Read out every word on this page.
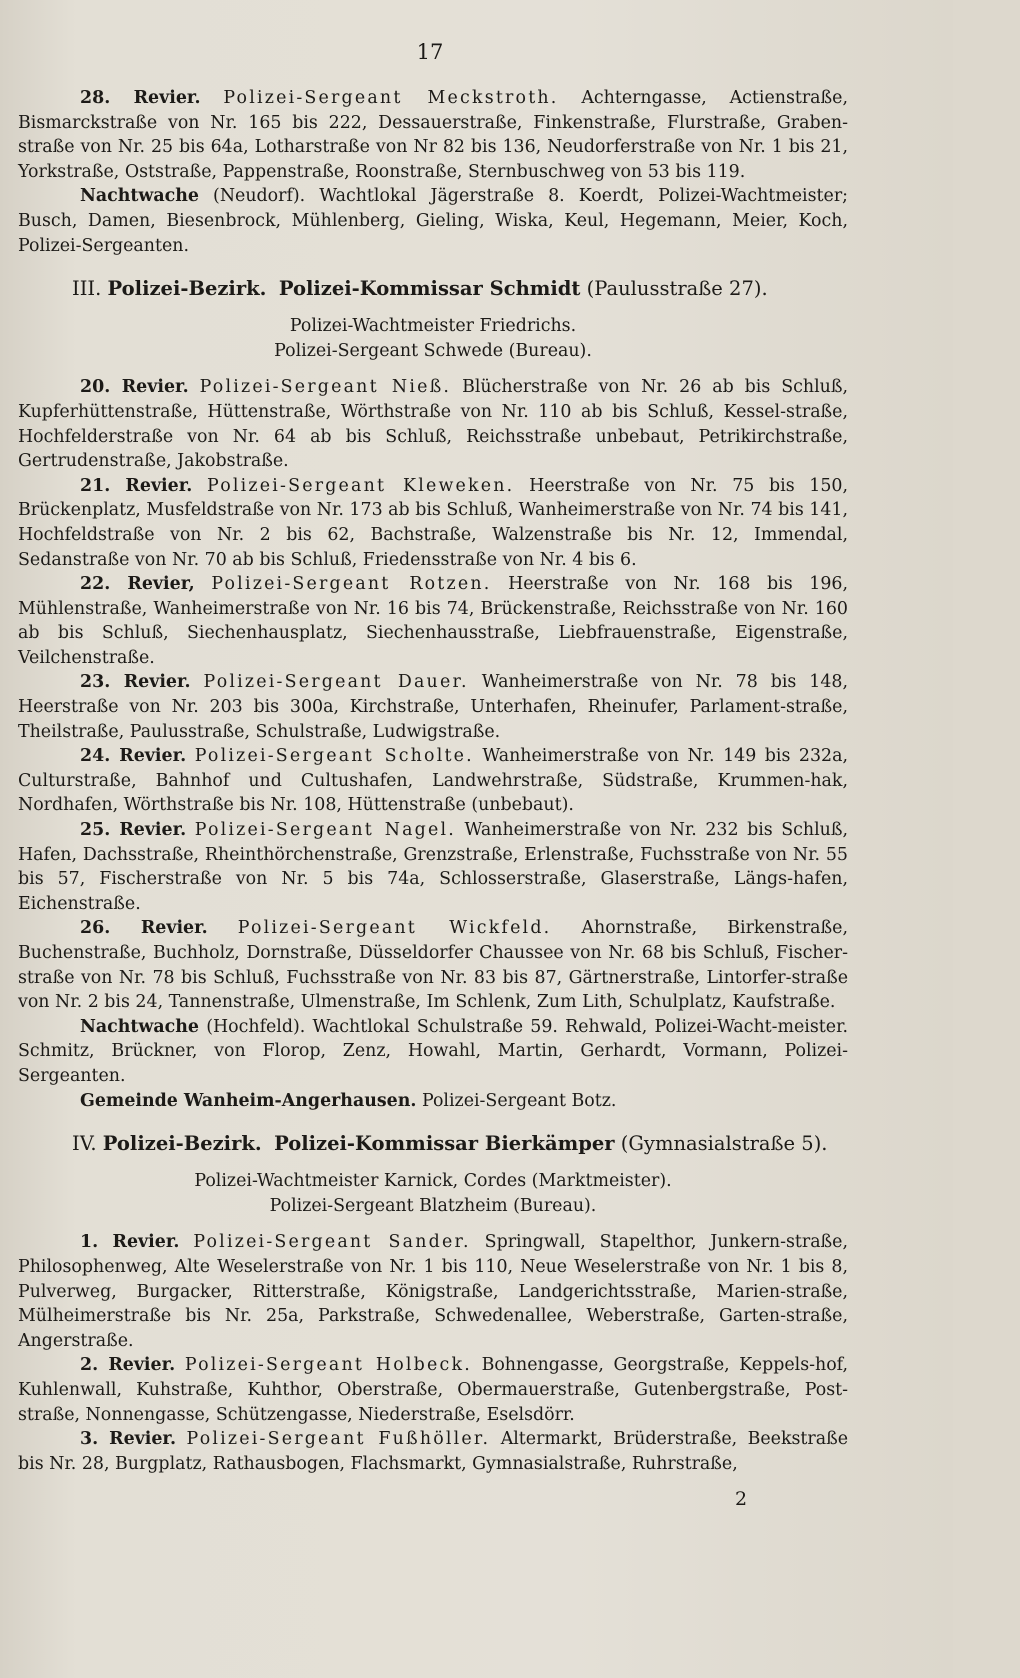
17

28. Revier. Polizei-Sergeant Meckstroth. Achterngasse, Actienstraße, Bismarckstraße von Nr. 165 bis 222, Dessauerstraße, Finkenstraße, Flurstraße, Graben-straße von Nr. 25 bis 64a, Lotharstraße von Nr 82 bis 136, Neudorferstraße von Nr. 1 bis 21, Yorkstraße, Oststraße, Pappenstraße, Roonstraße, Sternbuschweg von 53 bis 119.

Nachtwache (Neudorf). Wachtlokal Jägerstraße 8. Koerdt, Polizei-Wachtmeister; Busch, Damen, Biesenbrock, Mühlenberg, Gieling, Wiska, Keul, Hegemann, Meier, Koch, Polizei-Sergeanten.

III. Polizei-Bezirk. Polizei-Kommissar Schmidt (Paulusstraße 27).

Polizei-Wachtmeister Friedrichs.
Polizei-Sergeant Schwede (Bureau).

20. Revier. Polizei-Sergeant Nieß. Blücherstraße von Nr. 26 ab bis Schluß, Kupferhüttenstraße, Hüttenstraße, Wörthstraße von Nr. 110 ab bis Schluß, Kessel-straße, Hochfelderstraße von Nr. 64 ab bis Schluß, Reichsstraße unbebaut, Petrikirchstraße, Gertrudenstraße, Jakobstraße.

21. Revier. Polizei-Sergeant Kleweken. Heerstraße von Nr. 75 bis 150, Brückenplatz, Musfeldstraße von Nr. 173 ab bis Schluß, Wanheimerstraße von Nr. 74 bis 141, Hochfeldstraße von Nr. 2 bis 62, Bachstraße, Walzenstraße bis Nr. 12, Immendal, Sedanstraße von Nr. 70 ab bis Schluß, Friedensstraße von Nr. 4 bis 6.

22. Revier, Polizei-Sergeant Rotzen. Heerstraße von Nr. 168 bis 196, Mühlenstraße, Wanheimerstraße von Nr. 16 bis 74, Brückenstraße, Reichsstraße von Nr. 160 ab bis Schluß, Siechenhausplatz, Siechenhausstraße, Liebfrauenstraße, Eigenstraße, Veilchenstraße.

23. Revier. Polizei-Sergeant Dauer. Wanheimerstraße von Nr. 78 bis 148, Heerstraße von Nr. 203 bis 300a, Kirchstraße, Unterhafen, Rheinufer, Parlament-straße, Theilstraße, Paulusstraße, Schulstraße, Ludwigstraße.

24. Revier. Polizei-Sergeant Scholte. Wanheimerstraße von Nr. 149 bis 232a, Culturstraße, Bahnhof und Cultushafen, Landwehrstraße, Südstraße, Krummen-hak, Nordhafen, Wörthstraße bis Nr. 108, Hüttenstraße (unbebaut).

25. Revier. Polizei-Sergeant Nagel. Wanheimerstraße von Nr. 232 bis Schluß, Hafen, Dachsstraße, Rheinthörchenstraße, Grenzstraße, Erlenstraße, Fuchsstraße von Nr. 55 bis 57, Fischerstraße von Nr. 5 bis 74a, Schlosserstraße, Glaserstraße, Längs-hafen, Eichenstraße.

26. Revier. Polizei-Sergeant Wickfeld. Ahornstraße, Birkenstraße, Buchenstraße, Buchholz, Dornstraße, Düsseldorfer Chaussee von Nr. 68 bis Schluß, Fischer-straße von Nr. 78 bis Schluß, Fuchsstraße von Nr. 83 bis 87, Gärtnerstraße, Lintorfer-straße von Nr. 2 bis 24, Tannenstraße, Ulmenstraße, Im Schlenk, Zum Lith, Schulplatz, Kaufstraße.

Nachtwache (Hochfeld). Wachtlokal Schulstraße 59. Rehwald, Polizei-Wacht-meister. Schmitz, Brückner, von Florop, Zenz, Howahl, Martin, Gerhardt, Vormann, Polizei-Sergeanten.

Gemeinde Wanheim-Angerhausen. Polizei-Sergeant Botz.

IV. Polizei-Bezirk. Polizei-Kommissar Bierkämper (Gymnasialstraße 5).

Polizei-Wachtmeister Karnick, Cordes (Marktmeister).
Polizei-Sergeant Blatzheim (Bureau).

1. Revier. Polizei-Sergeant Sander. Springwall, Stapelthor, Junkern-straße, Philosophenweg, Alte Weselerstraße von Nr. 1 bis 110, Neue Weselerstraße von Nr. 1 bis 8, Pulverweg, Burgacker, Ritterstraße, Königstraße, Landgerichtsstraße, Marien-straße, Mülheimerstraße bis Nr. 25a, Parkstraße, Schwedenallee, Weberstraße, Garten-straße, Angerstraße.

2. Revier. Polizei-Sergeant Holbeck. Bohnengasse, Georgstraße, Keppels-hof, Kuhlenwall, Kuhstraße, Kuhthor, Oberstraße, Obermauerstraße, Gutenbergstraße, Post-straße, Nonnengasse, Schützengasse, Niederstraße, Eselsdörr.

3. Revier. Polizei-Sergeant Fußhöller. Altermarkt, Brüderstraße, Beekstraße bis Nr. 28, Burgplatz, Rathausbogen, Flachsmarkt, Gymnasialstraße, Ruhrstraße,

2
